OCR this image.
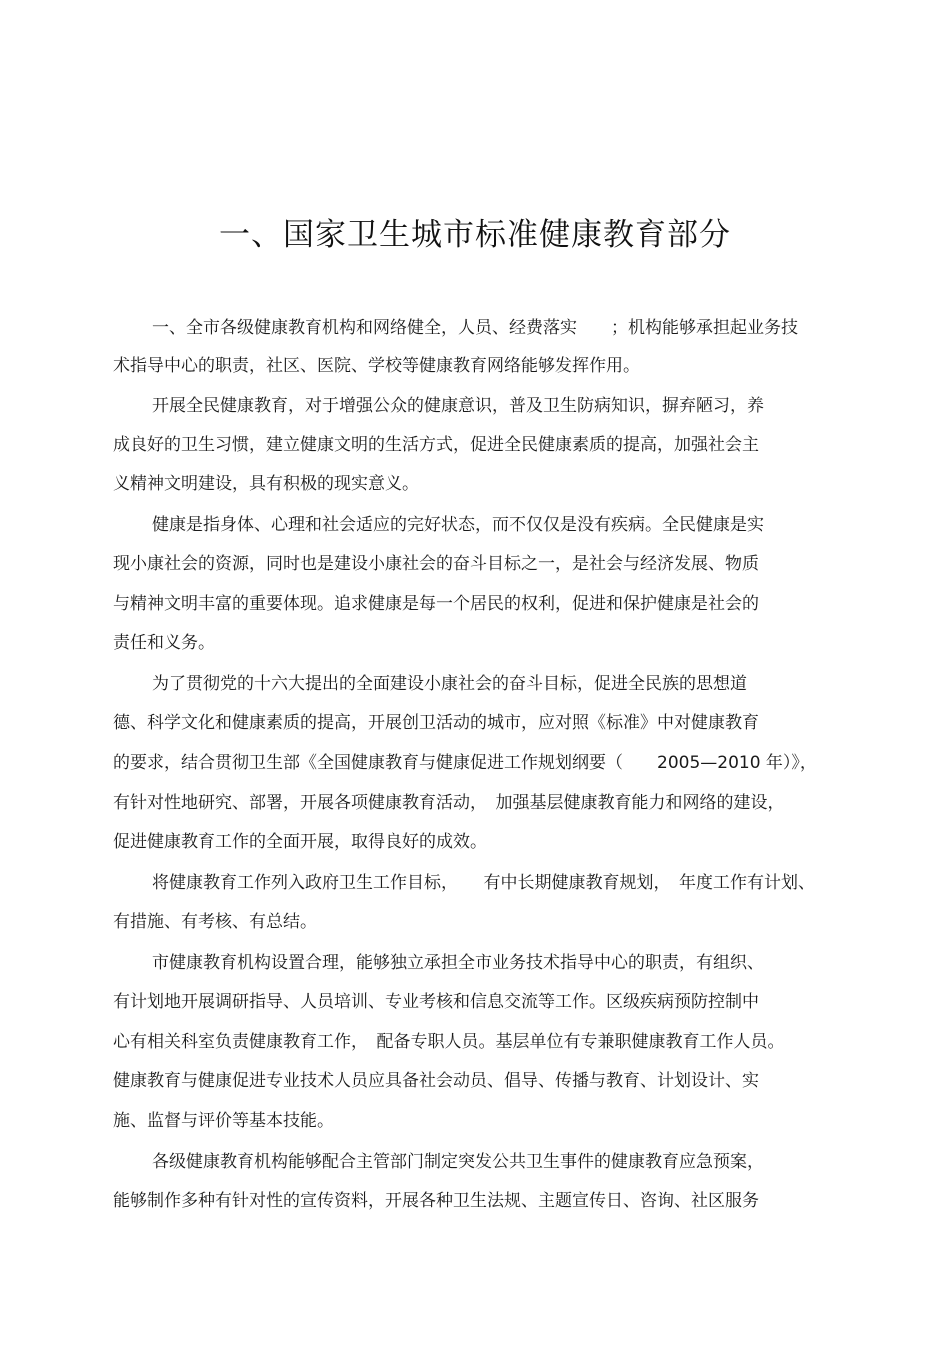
一、国家卫生城市标准健康教育部分
一、全市各级健康教育机构和网络健全，人员、经费落实　　；机构能够承担起业务技
术指导中心的职责，社区、医院、学校等健康教育网络能够发挥作用。
开展全民健康教育，对于增强公众的健康意识，普及卫生防病知识，摒弃陋习，养
成良好的卫生习惯，建立健康文明的生活方式，促进全民健康素质的提高，加强社会主
义精神文明建设，具有积极的现实意义。
健康是指身体、心理和社会适应的完好状态，而不仅仅是没有疾病。全民健康是实
现小康社会的资源，同时也是建设小康社会的奋斗目标之一，是社会与经济发展、物质
与精神文明丰富的重要体现。追求健康是每一个居民的权利，促进和保护健康是社会的
责任和义务。
为了贯彻党的十六大提出的全面建设小康社会的奋斗目标，促进全民族的思想道
德、科学文化和健康素质的提高，开展创卫活动的城市，应对照《标准》中对健康教育
的要求，结合贯彻卫生部《全国健康教育与健康促进工作规划纲要（　　2005—2010 年）》，
有针对性地研究、部署，开展各项健康教育活动，　加强基层健康教育能力和网络的建设，
促进健康教育工作的全面开展，取得良好的成效。
将健康教育工作列入政府卫生工作目标，　　有中长期健康教育规划，　年度工作有计划、
有措施、有考核、有总结。
市健康教育机构设置合理，能够独立承担全市业务技术指导中心的职责，有组织、
有计划地开展调研指导、人员培训、专业考核和信息交流等工作。区级疾病预防控制中
心有相关科室负责健康教育工作，　配备专职人员。基层单位有专兼职健康教育工作人员。
健康教育与健康促进专业技术人员应具备社会动员、倡导、传播与教育、计划设计、实
施、监督与评价等基本技能。
各级健康教育机构能够配合主管部门制定突发公共卫生事件的健康教育应急预案，
能够制作多种有针对性的宣传资料，开展各种卫生法规、主题宣传日、咨询、社区服务
